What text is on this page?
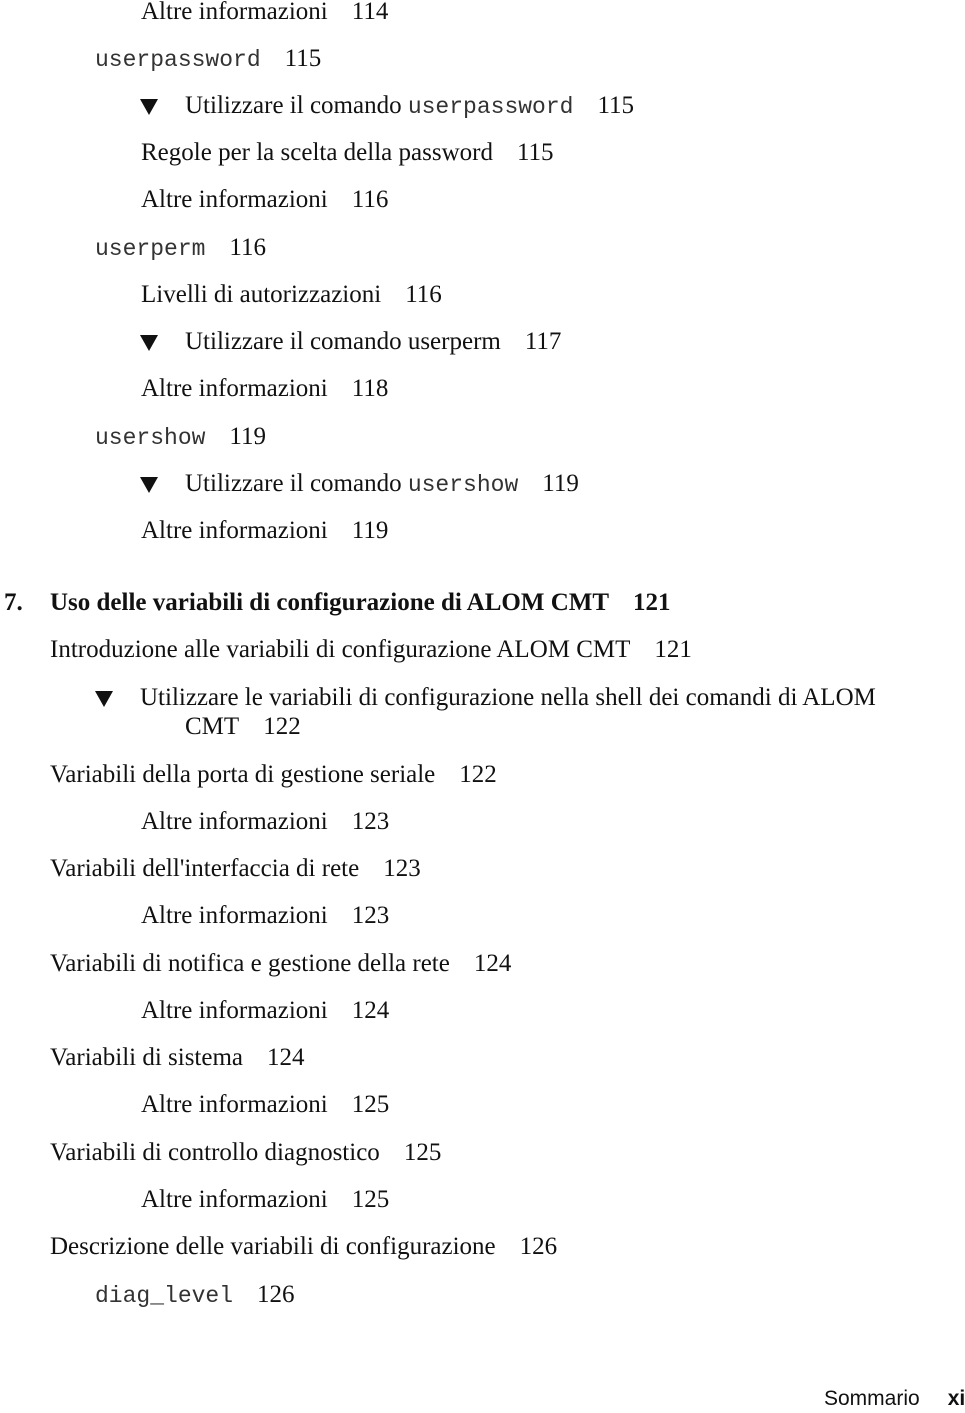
Altre informazioni 114
userpassword 115
Utilizzare il comando userpassword 115
Regole per la scelta della password 115
Altre informazioni 116
userperm 116
Livelli di autorizzazioni 116
Utilizzare il comando userperm 117
Altre informazioni 118
usershow 119
Utilizzare il comando usershow 119
Altre informazioni 119
7. Uso delle variabili di configurazione di ALOM CMT 121
Introduzione alle variabili di configurazione ALOM CMT 121
Utilizzare le variabili di configurazione nella shell dei comandi di ALOM
CMT 122
Variabili della porta di gestione seriale 122
Altre informazioni 123
Variabili dell'interfaccia di rete 123
Altre informazioni 123
Variabili di notifica e gestione della rete 124
Altre informazioni 124
Variabili di sistema 124
Altre informazioni 125
Variabili di controllo diagnostico 125
Altre informazioni 125
Descrizione delle variabili di configurazione 126
diag_level 126
Sommario xi
